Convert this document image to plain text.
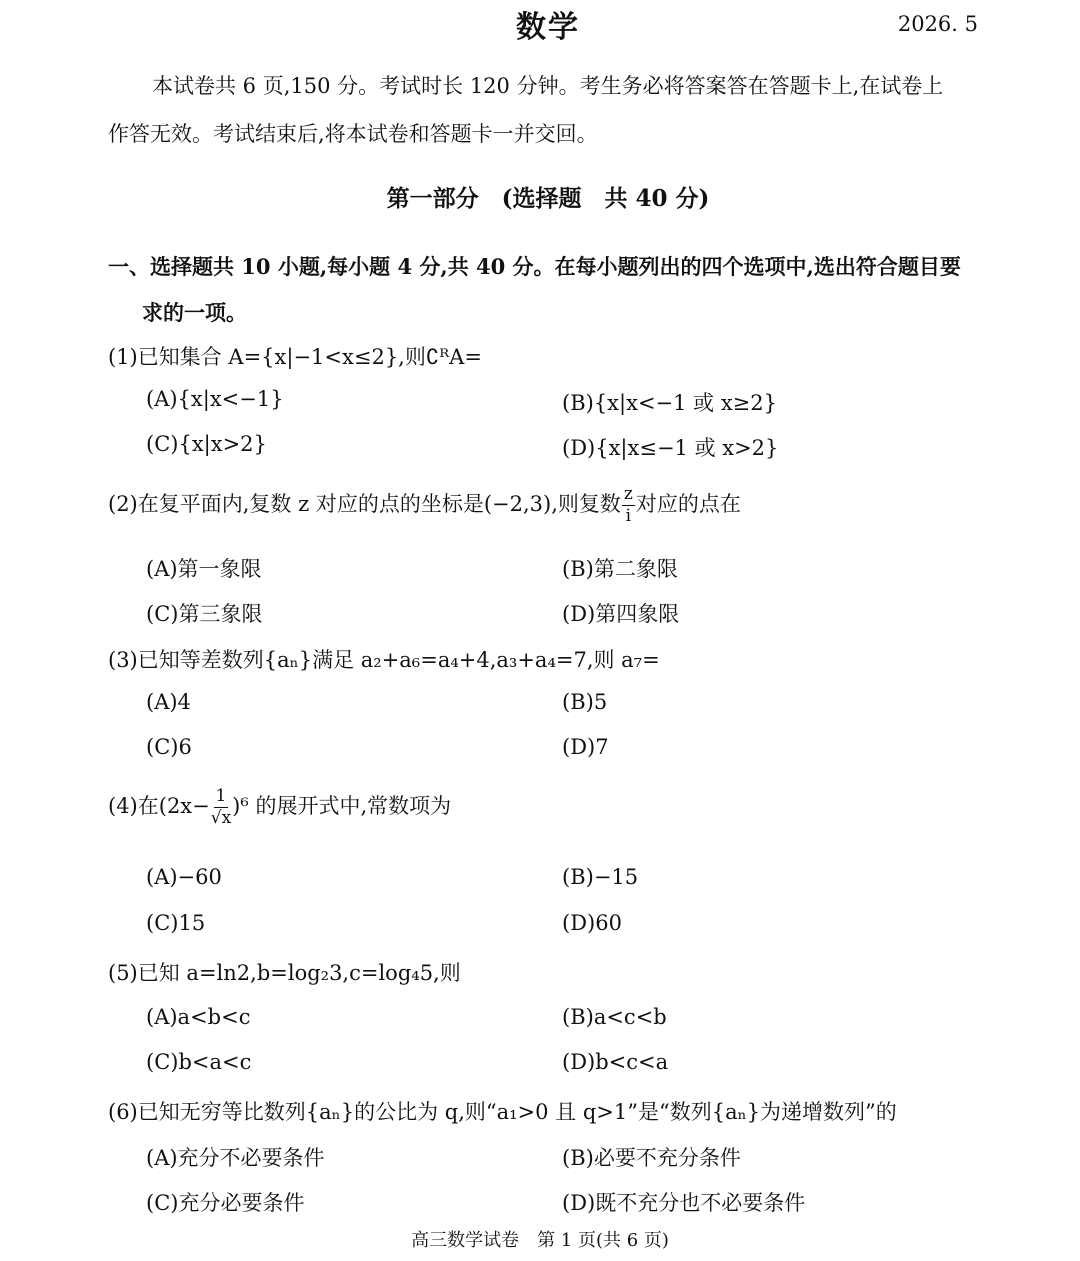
数学	2026. 5
本试卷共 6 页,150 分。考试时长 120 分钟。考生务必将答案答在答题卡上,在试卷上
作答无效。考试结束后,将本试卷和答题卡一并交回。
第一部分　(选择题　共 40 分)
一、选择题共 10 小题,每小题 4 分,共 40 分。在每小题列出的四个选项中,选出符合题目要
求的一项。
(1)已知集合 A={x|−1<x≤2},则∁ᴿA=
(A){x|x<−1}	(B){x|x<−1 或 x≥2}
(C){x|x>2}	(D){x|x≤−1 或 x>2}
(2)在复平面内,复数 z 对应的点的坐标是(−2,3),则复数 $\frac{z}{i}$ 对应的点在
(A)第一象限	(B)第二象限
(C)第三象限	(D)第四象限
(3)已知等差数列{aₙ}满足 a₂+a₆=a₄+4,a₃+a₄=7,则 a₇=
(A)4	(B)5
(C)6	(D)7
(4)在$(2x- \frac{1}{√x} )^6$ 的展开式中,常数项为
(A)−60	(B)−15
(C)15	(D)60
(5)已知 a=ln2,b=log₂3,c=log₄5,则
(A)a<b<c	(B)a<c<b
(C)b<a<c	(D)b<c<a
(6)已知无穷等比数列{aₙ}的公比为 q,则“a₁>0 且 q>1”是“数列{aₙ}为递增数列”的
(A)充分不必要条件	(B)必要不充分条件
(C)充分必要条件	(D)既不充分也不必要条件
高三数学试卷　第 1 页(共 6 页)
